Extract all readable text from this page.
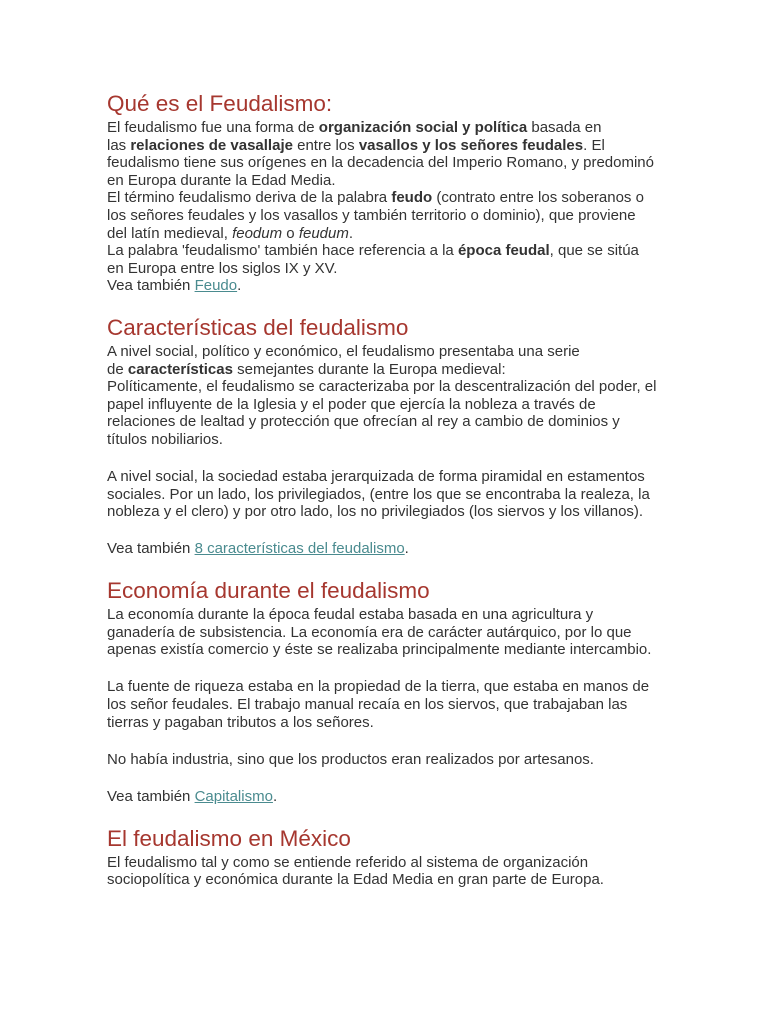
Qué es el Feudalismo:
El feudalismo fue una forma de organización social y política basada en
las relaciones de vasallaje entre los vasallos y los señores feudales. El
feudalismo tiene sus orígenes en la decadencia del Imperio Romano, y predominó
en Europa durante la Edad Media.
El término feudalismo deriva de la palabra feudo (contrato entre los soberanos o
los señores feudales y los vasallos y también territorio o dominio), que proviene
del latín medieval, feodum o feudum.
La palabra 'feudalismo' también hace referencia a la época feudal, que se sitúa
en Europa entre los siglos IX y XV.
Vea también Feudo.
Características del feudalismo
A nivel social, político y económico, el feudalismo presentaba una serie
de características semejantes durante la Europa medieval:
Políticamente, el feudalismo se caracterizaba por la descentralización del poder, el
papel influyente de la Iglesia y el poder que ejercía la nobleza a través de
relaciones de lealtad y protección que ofrecían al rey a cambio de dominios y
títulos nobiliarios.
A nivel social, la sociedad estaba jerarquizada de forma piramidal en estamentos
sociales. Por un lado, los privilegiados, (entre los que se encontraba la realeza, la
nobleza y el clero) y por otro lado, los no privilegiados (los siervos y los villanos).
Vea también 8 características del feudalismo.
Economía durante el feudalismo
La economía durante la época feudal estaba basada en una agricultura y
ganadería de subsistencia. La economía era de carácter autárquico, por lo que
apenas existía comercio y éste se realizaba principalmente mediante intercambio.
La fuente de riqueza estaba en la propiedad de la tierra, que estaba en manos de
los señor feudales. El trabajo manual recaía en los siervos, que trabajaban las
tierras y pagaban tributos a los señores.
No había industria, sino que los productos eran realizados por artesanos.
Vea también Capitalismo.
El feudalismo en México
El feudalismo tal y como se entiende referido al sistema de organización
sociopolítica y económica durante la Edad Media en gran parte de Europa.
